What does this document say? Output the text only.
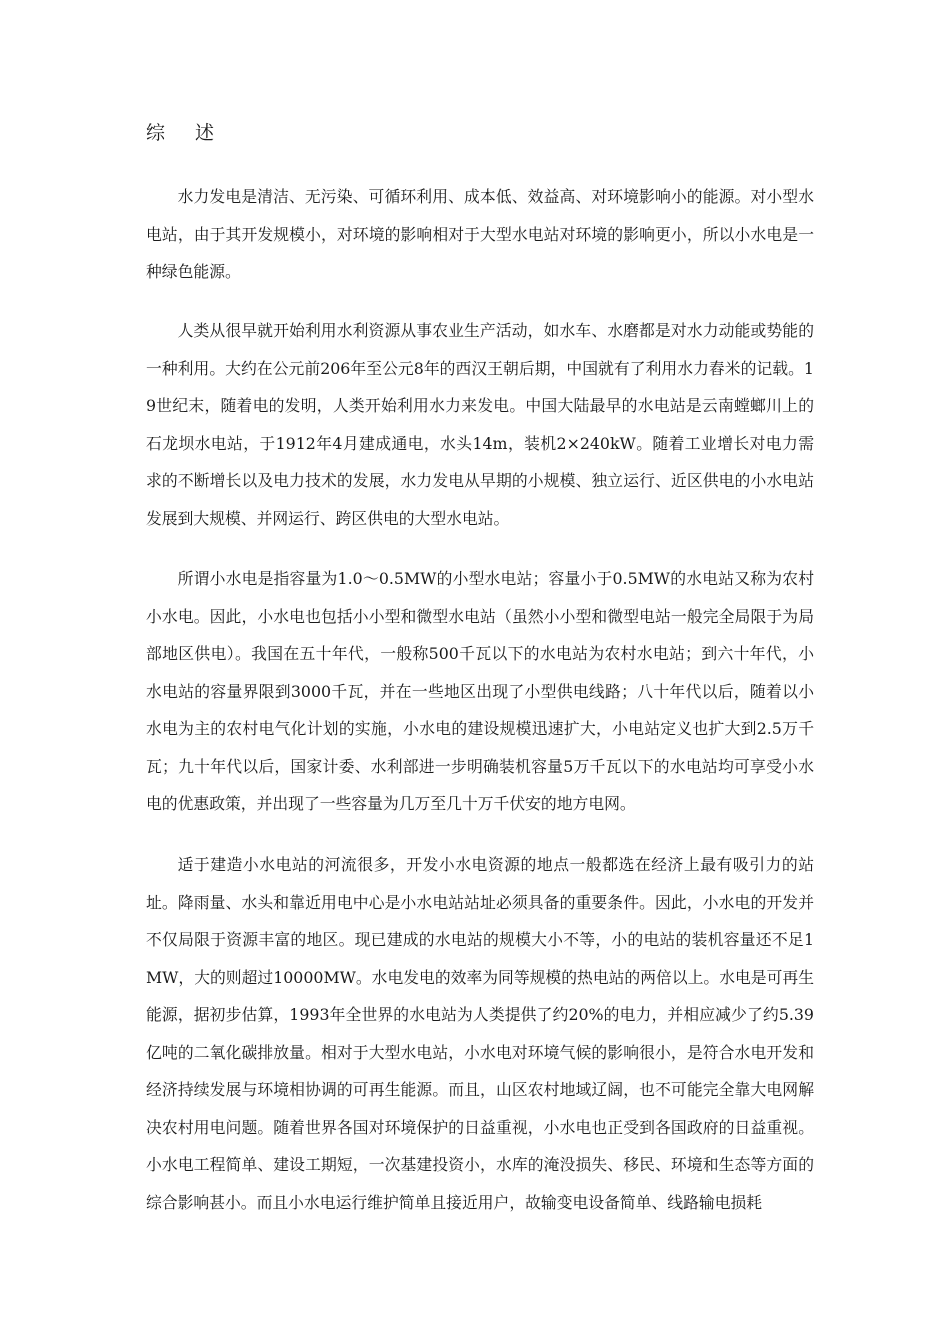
综 述

水力发电是清洁、无污染、可循环利用、成本低、效益高、对环境影响小的能源。对小型水电站，由于其开发规模小，对环境的影响相对于大型水电站对环境的影响更小，所以小水电是一种绿色能源。

人类从很早就开始利用水利资源从事农业生产活动，如水车、水磨都是对水力动能或势能的一种利用。大约在公元前206年至公元8年的西汉王朝后期，中国就有了利用水力舂米的记载。19世纪末，随着电的发明，人类开始利用水力来发电。中国大陆最早的水电站是云南螳螂川上的石龙坝水电站，于1912年4月建成通电，水头14m，装机2×240kW。随着工业增长对电力需求的不断增长以及电力技术的发展，水力发电从早期的小规模、独立运行、近区供电的小水电站发展到大规模、并网运行、跨区供电的大型水电站。

所谓小水电是指容量为1.0～0.5MW的小型水电站；容量小于0.5MW的水电站又称为农村小水电。因此，小水电也包括小小型和微型水电站（虽然小小型和微型电站一般完全局限于为局部地区供电）。我国在五十年代，一般称500千瓦以下的水电站为农村水电站；到六十年代，小水电站的容量界限到3000千瓦，并在一些地区出现了小型供电线路；八十年代以后，随着以小水电为主的农村电气化计划的实施，小水电的建设规模迅速扩大，小电站定义也扩大到2.5万千瓦；九十年代以后，国家计委、水利部进一步明确装机容量5万千瓦以下的水电站均可享受小水电的优惠政策，并出现了一些容量为几万至几十万千伏安的地方电网。

适于建造小水电站的河流很多，开发小水电资源的地点一般都选在经济上最有吸引力的站址。降雨量、水头和靠近用电中心是小水电站站址必须具备的重要条件。因此，小水电的开发并不仅局限于资源丰富的地区。现已建成的水电站的规模大小不等，小的电站的装机容量还不足1MW，大的则超过10000MW。水电发电的效率为同等规模的热电站的两倍以上。水电是可再生能源，据初步估算，1993年全世界的水电站为人类提供了约20%的电力，并相应减少了约5.39亿吨的二氧化碳排放量。相对于大型水电站，小水电对环境气候的影响很小，是符合水电开发和经济持续发展与环境相协调的可再生能源。而且，山区农村地域辽阔，也不可能完全靠大电网解决农村用电问题。随着世界各国对环境保护的日益重视，小水电也正受到各国政府的日益重视。小水电工程简单、建设工期短，一次基建投资小，水库的淹没损失、移民、环境和生态等方面的综合影响甚小。而且小水电运行维护简单且接近用户，故输变电设备简单、线路输电损耗
